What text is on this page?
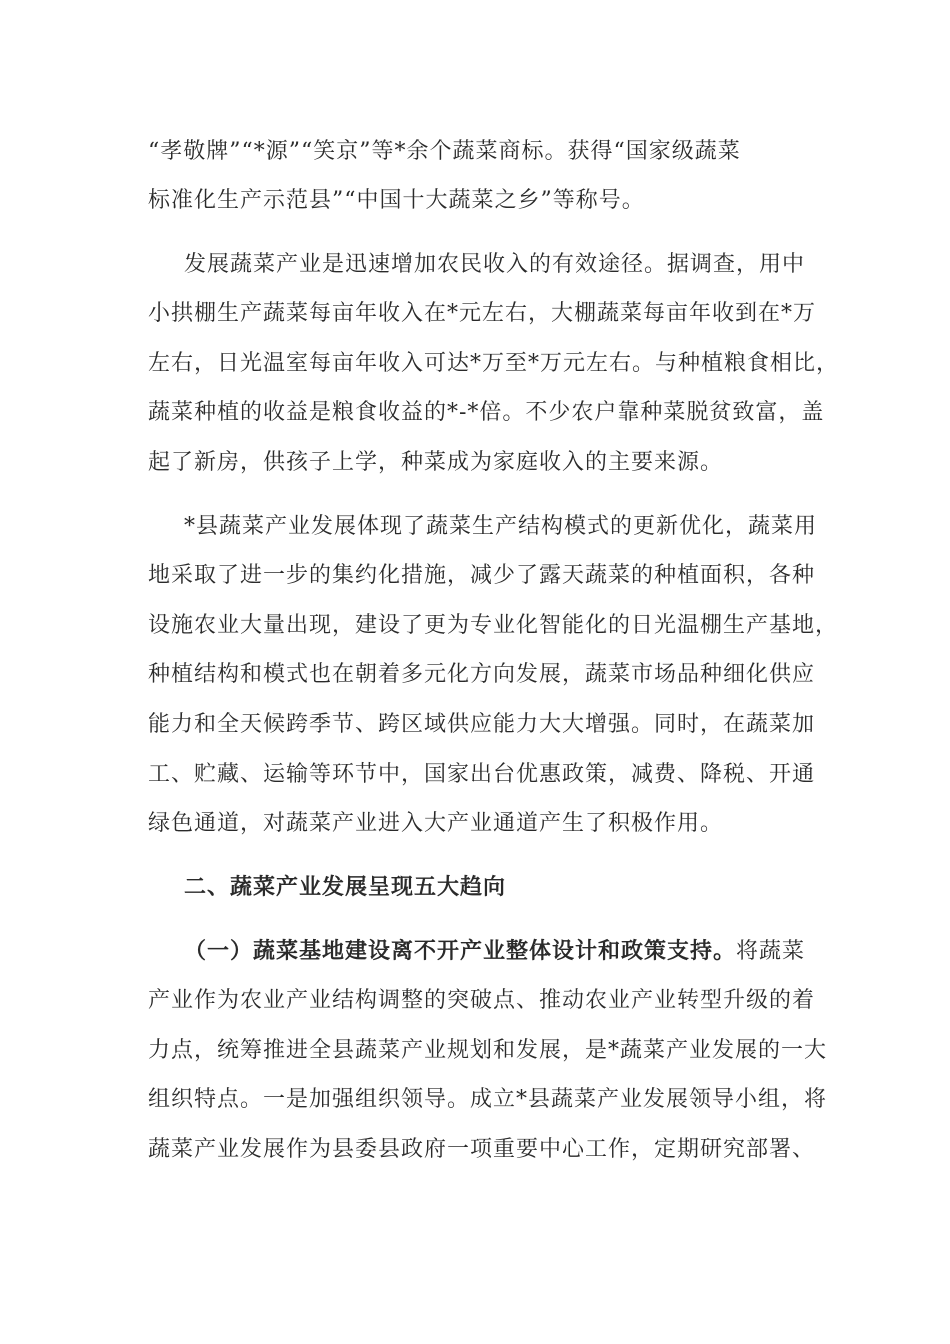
“孝敬牌”“*源”“笑京”等*余个蔬菜商标。获得“国家级蔬菜
标准化生产示范县”“中国十大蔬菜之乡”等称号。
发展蔬菜产业是迅速增加农民收入的有效途径。据调查，用中
小拱棚生产蔬菜每亩年收入在*元左右，大棚蔬菜每亩年收到在*万
左右，日光温室每亩年收入可达*万至*万元左右。与种植粮食相比，
蔬菜种植的收益是粮食收益的*-*倍。不少农户靠种菜脱贫致富，盖
起了新房，供孩子上学，种菜成为家庭收入的主要来源。
*县蔬菜产业发展体现了蔬菜生产结构模式的更新优化，蔬菜用
地采取了进一步的集约化措施，减少了露天蔬菜的种植面积，各种
设施农业大量出现，建设了更为专业化智能化的日光温棚生产基地，
种植结构和模式也在朝着多元化方向发展，蔬菜市场品种细化供应
能力和全天候跨季节、跨区域供应能力大大增强。同时，在蔬菜加
工、贮藏、运输等环节中，国家出台优惠政策，减费、降税、开通
绿色通道，对蔬菜产业进入大产业通道产生了积极作用。
二、蔬菜产业发展呈现五大趋向
（一）蔬菜基地建设离不开产业整体设计和政策支持。将蔬菜
产业作为农业产业结构调整的突破点、推动农业产业转型升级的着
力点，统筹推进全县蔬菜产业规划和发展，是*蔬菜产业发展的一大
组织特点。一是加强组织领导。成立*县蔬菜产业发展领导小组，将
蔬菜产业发展作为县委县政府一项重要中心工作，定期研究部署、
